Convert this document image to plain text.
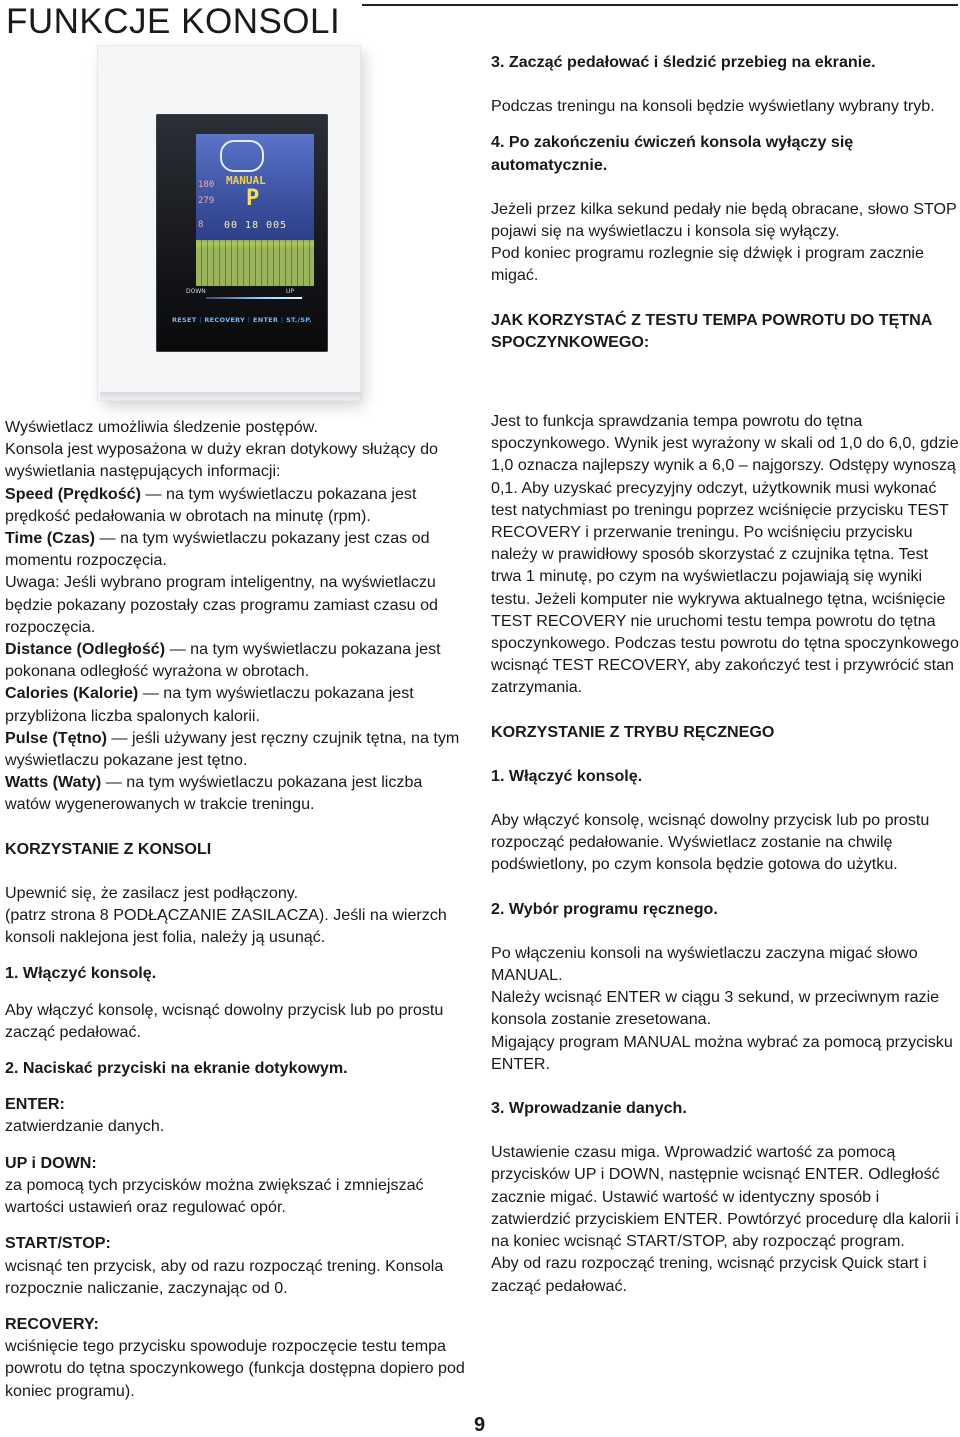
FUNKCJE KONSOLI
MANUAL
P
180
279
8 00 18 005
DOWN	UP
RESET | RECOVERY | ENTER | ST./SP.

3. Zacząć pedałować i śledzić przebieg na ekranie.

Podczas treningu na konsoli będzie wyświetlany wybrany tryb.

4. Po zakończeniu ćwiczeń konsola wyłączy się automatycznie.

Jeżeli przez kilka sekund pedały nie będą obracane, słowo STOP pojawi się na wyświetlaczu i konsola się wyłączy.

Pod koniec programu rozlegnie się dźwięk i program zacznie migać.

JAK KORZYSTAĆ Z TESTU TEMPA POWROTU DO TĘTNA SPOCZYNKOWEGO:

Wyświetlacz umożliwia śledzenie postępów.

Konsola jest wyposażona w duży ekran dotykowy służący do wyświetlania następujących informacji:

Speed (Prędkość) — na tym wyświetlaczu pokazana jest prędkość pedałowania w obrotach na minutę (rpm).

Time (Czas) — na tym wyświetlaczu pokazany jest czas od momentu rozpoczęcia.

Uwaga: Jeśli wybrano program inteligentny, na wyświetlaczu będzie pokazany pozostały czas programu zamiast czasu od rozpoczęcia.

Distance (Odległość) — na tym wyświetlaczu pokazana jest pokonana odległość wyrażona w obrotach.

Calories (Kalorie) — na tym wyświetlaczu pokazana jest przybliżona liczba spalonych kalorii.

Pulse (Tętno) — jeśli używany jest ręczny czujnik tętna, na tym wyświetlaczu pokazane jest tętno.

Watts (Waty) — na tym wyświetlaczu pokazana jest liczba watów wygenerowanych w trakcie treningu.

KORZYSTANIE Z KONSOLI

Upewnić się, że zasilacz jest podłączony.

(patrz strona 8 PODŁĄCZANIE ZASILACZA). Jeśli na wierzch konsoli naklejona jest folia, należy ją usunąć.

1. Włączyć konsolę.

Aby włączyć konsolę, wcisnąć dowolny przycisk lub po prostu zacząć pedałować.

2. Naciskać przyciski na ekranie dotykowym.

ENTER:

zatwierdzanie danych.

UP i DOWN:

za pomocą tych przycisków można zwiększać i zmniejszać wartości ustawień oraz regulować opór.

START/STOP:

wcisnąć ten przycisk, aby od razu rozpocząć trening. Konsola rozpocznie naliczanie, zaczynając od 0.

RECOVERY:

wciśnięcie tego przycisku spowoduje rozpoczęcie testu tempa powrotu do tętna spoczynkowego (funkcja dostępna dopiero pod koniec programu).

Jest to funkcja sprawdzania tempa powrotu do tętna spoczynkowego. Wynik jest wyrażony w skali od 1,0 do 6,0, gdzie 1,0 oznacza najlepszy wynik a 6,0 – najgorszy. Odstępy wynoszą 0,1. Aby uzyskać precyzyjny odczyt, użytkownik musi wykonać test natychmiast po treningu poprzez wciśnięcie przycisku TEST RECOVERY i przerwanie treningu. Po wciśnięciu przycisku należy w prawidłowy sposób skorzystać z czujnika tętna. Test trwa 1 minutę, po czym na wyświetlaczu pojawiają się wyniki testu. Jeżeli komputer nie wykrywa aktualnego tętna, wciśnięcie TEST RECOVERY nie uruchomi testu tempa powrotu do tętna spoczynkowego. Podczas testu powrotu do tętna spoczynkowego wcisnąć TEST RECOVERY, aby zakończyć test i przywrócić stan zatrzymania.

KORZYSTANIE Z TRYBU RĘCZNEGO

1. Włączyć konsolę.

Aby włączyć konsolę, wcisnąć dowolny przycisk lub po prostu rozpocząć pedałowanie. Wyświetlacz zostanie na chwilę podświetlony, po czym konsola będzie gotowa do użytku.

2. Wybór programu ręcznego.

Po włączeniu konsoli na wyświetlaczu zaczyna migać słowo MANUAL.

Należy wcisnąć ENTER w ciągu 3 sekund, w przeciwnym razie konsola zostanie zresetowana.

Migający program MANUAL można wybrać za pomocą przycisku ENTER.

3. Wprowadzanie danych.

Ustawienie czasu miga. Wprowadzić wartość za pomocą przycisków UP i DOWN, następnie wcisnąć ENTER. Odległość zacznie migać. Ustawić wartość w identyczny sposób i zatwierdzić przyciskiem ENTER. Powtórzyć procedurę dla kalorii i na koniec wcisnąć START/STOP, aby rozpocząć program.

Aby od razu rozpocząć trening, wcisnąć przycisk Quick start i zacząć pedałować.

9
